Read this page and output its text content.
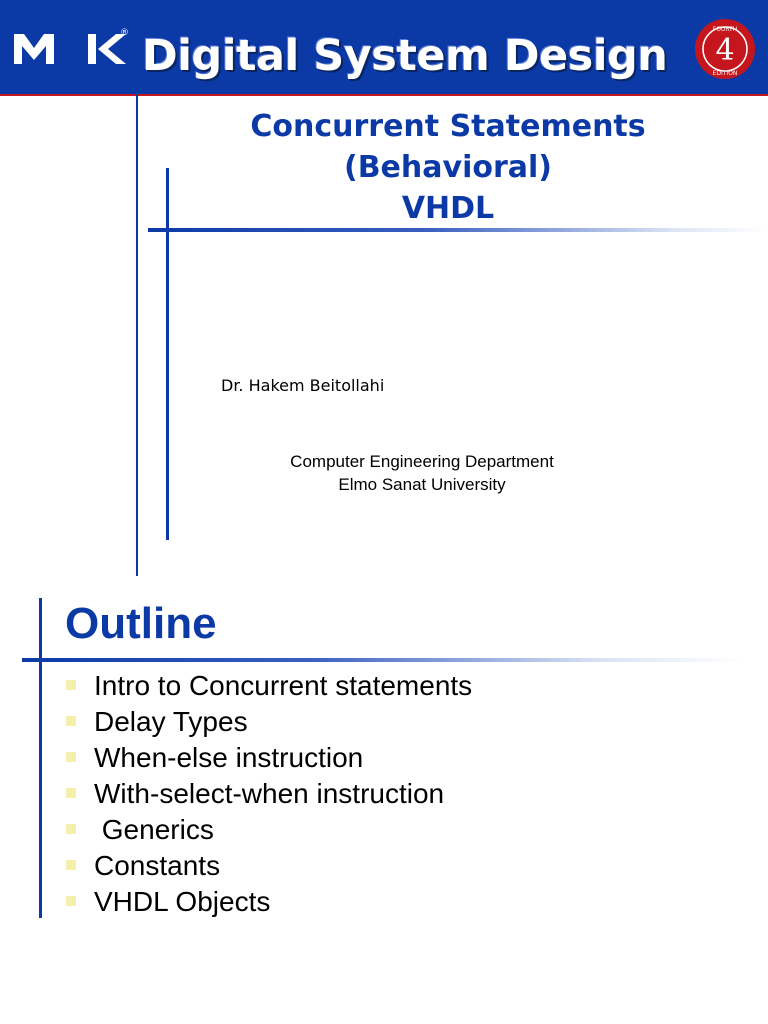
® Digital System Design 4
FOURTH
EDITION
Concurrent Statements
(Behavioral)
VHDL
Dr. Hakem Beitollahi
Computer Engineering Department
Elmo Sanat University
Outline
Intro to Concurrent statements
Delay Types
When-else instruction
With-select-when instruction
Generics
Constants
VHDL Objects
